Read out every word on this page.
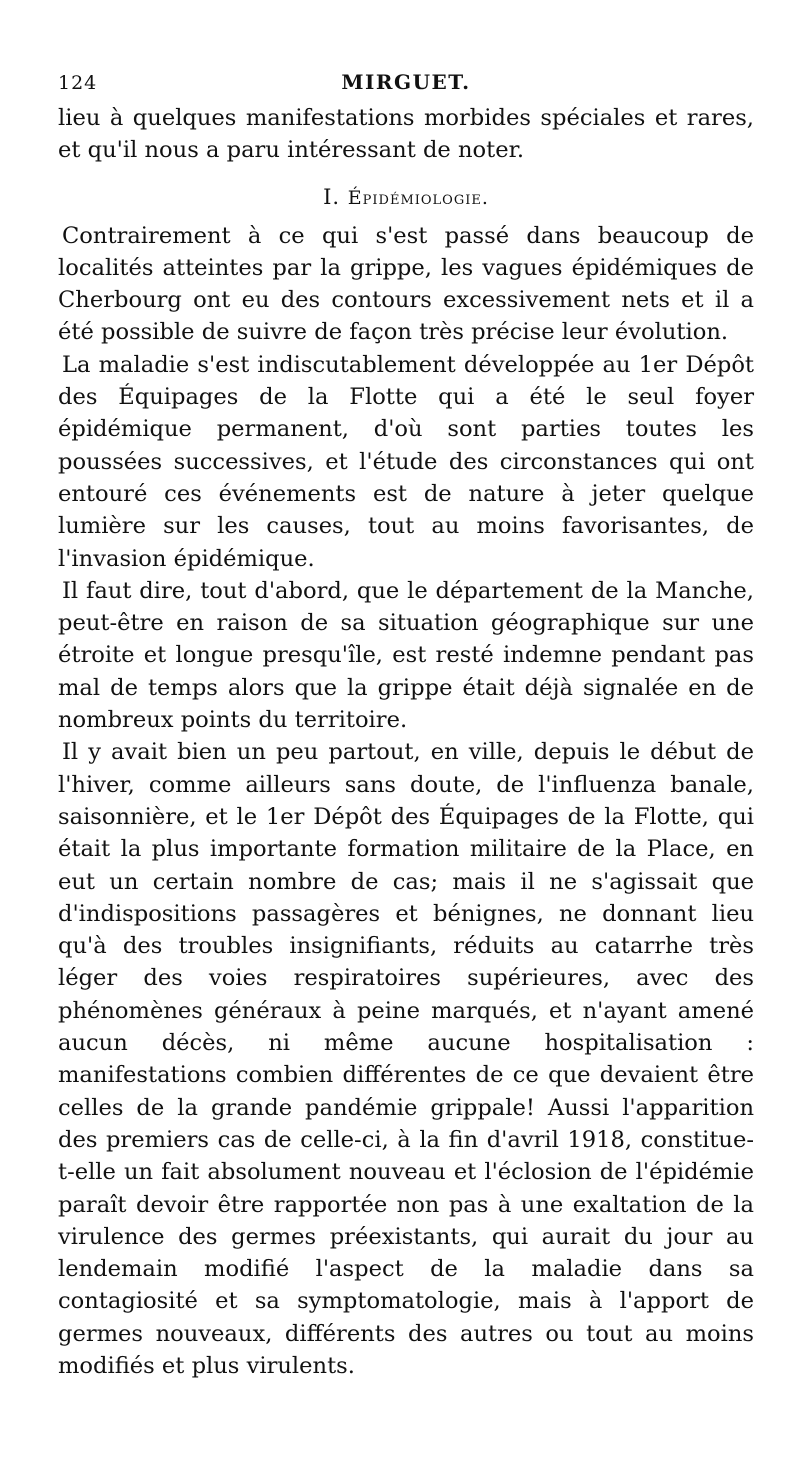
124	MIRGUET.

lieu à quelques manifestations morbides spéciales et rares, et qu'il nous a paru intéressant de noter.

I. Épidémiologie.

Contrairement à ce qui s'est passé dans beaucoup de localités atteintes par la grippe, les vagues épidémiques de Cherbourg ont eu des contours excessivement nets et il a été possible de suivre de façon très précise leur évolution.

La maladie s'est indiscutablement développée au 1er Dépôt des Équipages de la Flotte qui a été le seul foyer épidémique permanent, d'où sont parties toutes les poussées successives, et l'étude des circonstances qui ont entouré ces événements est de nature à jeter quelque lumière sur les causes, tout au moins favorisantes, de l'invasion épidémique.

Il faut dire, tout d'abord, que le département de la Manche, peut-être en raison de sa situation géographique sur une étroite et longue presqu'île, est resté indemne pendant pas mal de temps alors que la grippe était déjà signalée en de nombreux points du territoire.

Il y avait bien un peu partout, en ville, depuis le début de l'hiver, comme ailleurs sans doute, de l'influenza banale, saisonnière, et le 1er Dépôt des Équipages de la Flotte, qui était la plus importante formation militaire de la Place, en eut un certain nombre de cas; mais il ne s'agissait que d'indispositions passagères et bénignes, ne donnant lieu qu'à des troubles insignifiants, réduits au catarrhe très léger des voies respiratoires supérieures, avec des phénomènes généraux à peine marqués, et n'ayant amené aucun décès, ni même aucune hospitalisation : manifestations combien différentes de ce que devaient être celles de la grande pandémie grippale! Aussi l'apparition des premiers cas de celle-ci, à la fin d'avril 1918, constitue-t-elle un fait absolument nouveau et l'éclosion de l'épidémie paraît devoir être rapportée non pas à une exaltation de la virulence des germes préexistants, qui aurait du jour au lendemain modifié l'aspect de la maladie dans sa contagiosité et sa symptomatologie, mais à l'apport de germes nouveaux, différents des autres ou tout au moins modifiés et plus virulents.
